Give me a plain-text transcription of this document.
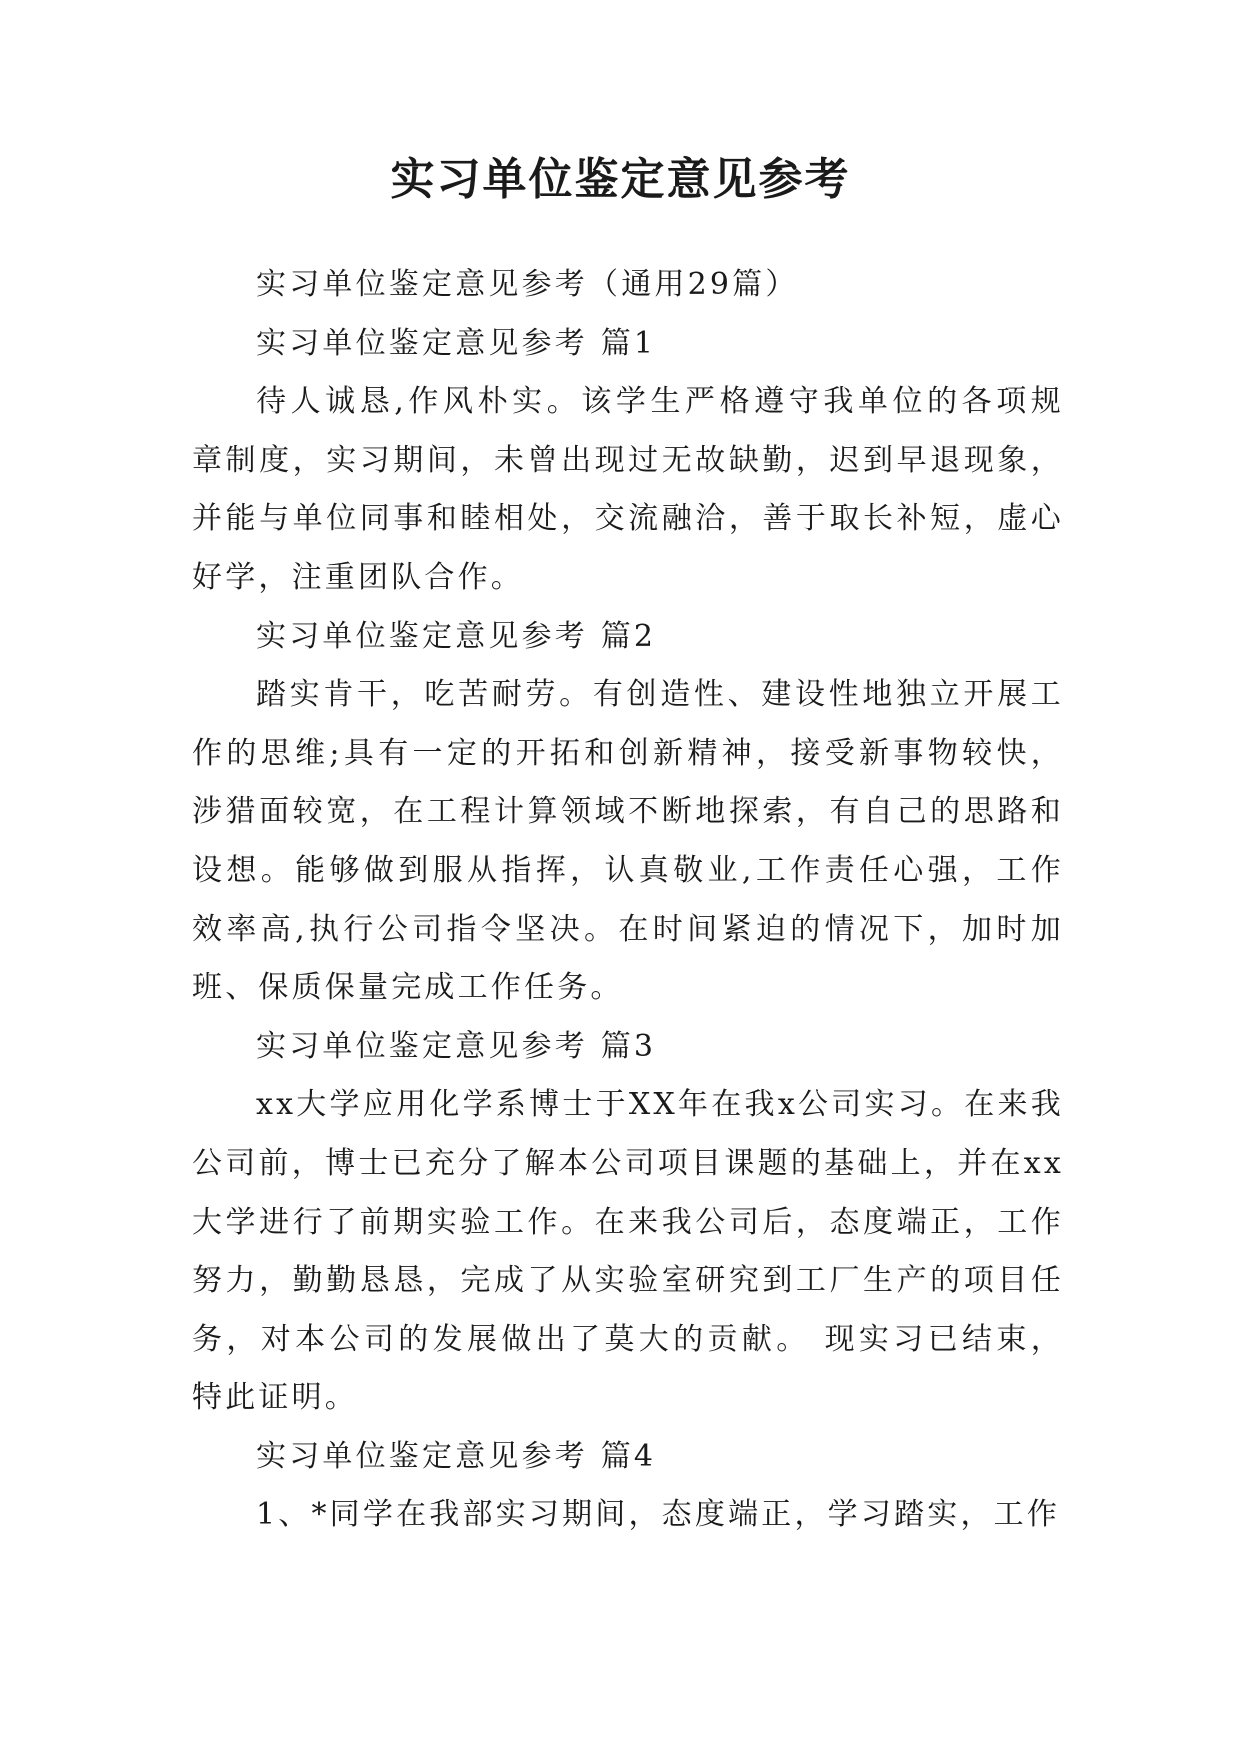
实习单位鉴定意见参考

实习单位鉴定意见参考（通用29篇）

实习单位鉴定意见参考 篇1

待人诚恳,作风朴实。该学生严格遵守我单位的各项规章制度，实习期间，未曾出现过无故缺勤，迟到早退现象，并能与单位同事和睦相处，交流融洽，善于取长补短，虚心好学，注重团队合作。

实习单位鉴定意见参考 篇2

踏实肯干，吃苦耐劳。有创造性、建设性地独立开展工作的思维;具有一定的开拓和创新精神，接受新事物较快，涉猎面较宽，在工程计算领域不断地探索，有自己的思路和设想。能够做到服从指挥，认真敬业,工作责任心强，工作效率高,执行公司指令坚决。在时间紧迫的情况下，加时加班、保质保量完成工作任务。

实习单位鉴定意见参考 篇3

xx大学应用化学系博士于XX年在我x公司实习。在来我公司前，博士已充分了解本公司项目课题的基础上，并在xx大学进行了前期实验工作。在来我公司后，态度端正，工作努力，勤勤恳恳，完成了从实验室研究到工厂生产的项目任务，对本公司的发展做出了莫大的贡献。 现实习已结束，特此证明。

实习单位鉴定意见参考 篇4

1、*同学在我部实习期间，态度端正，学习踏实，工作
